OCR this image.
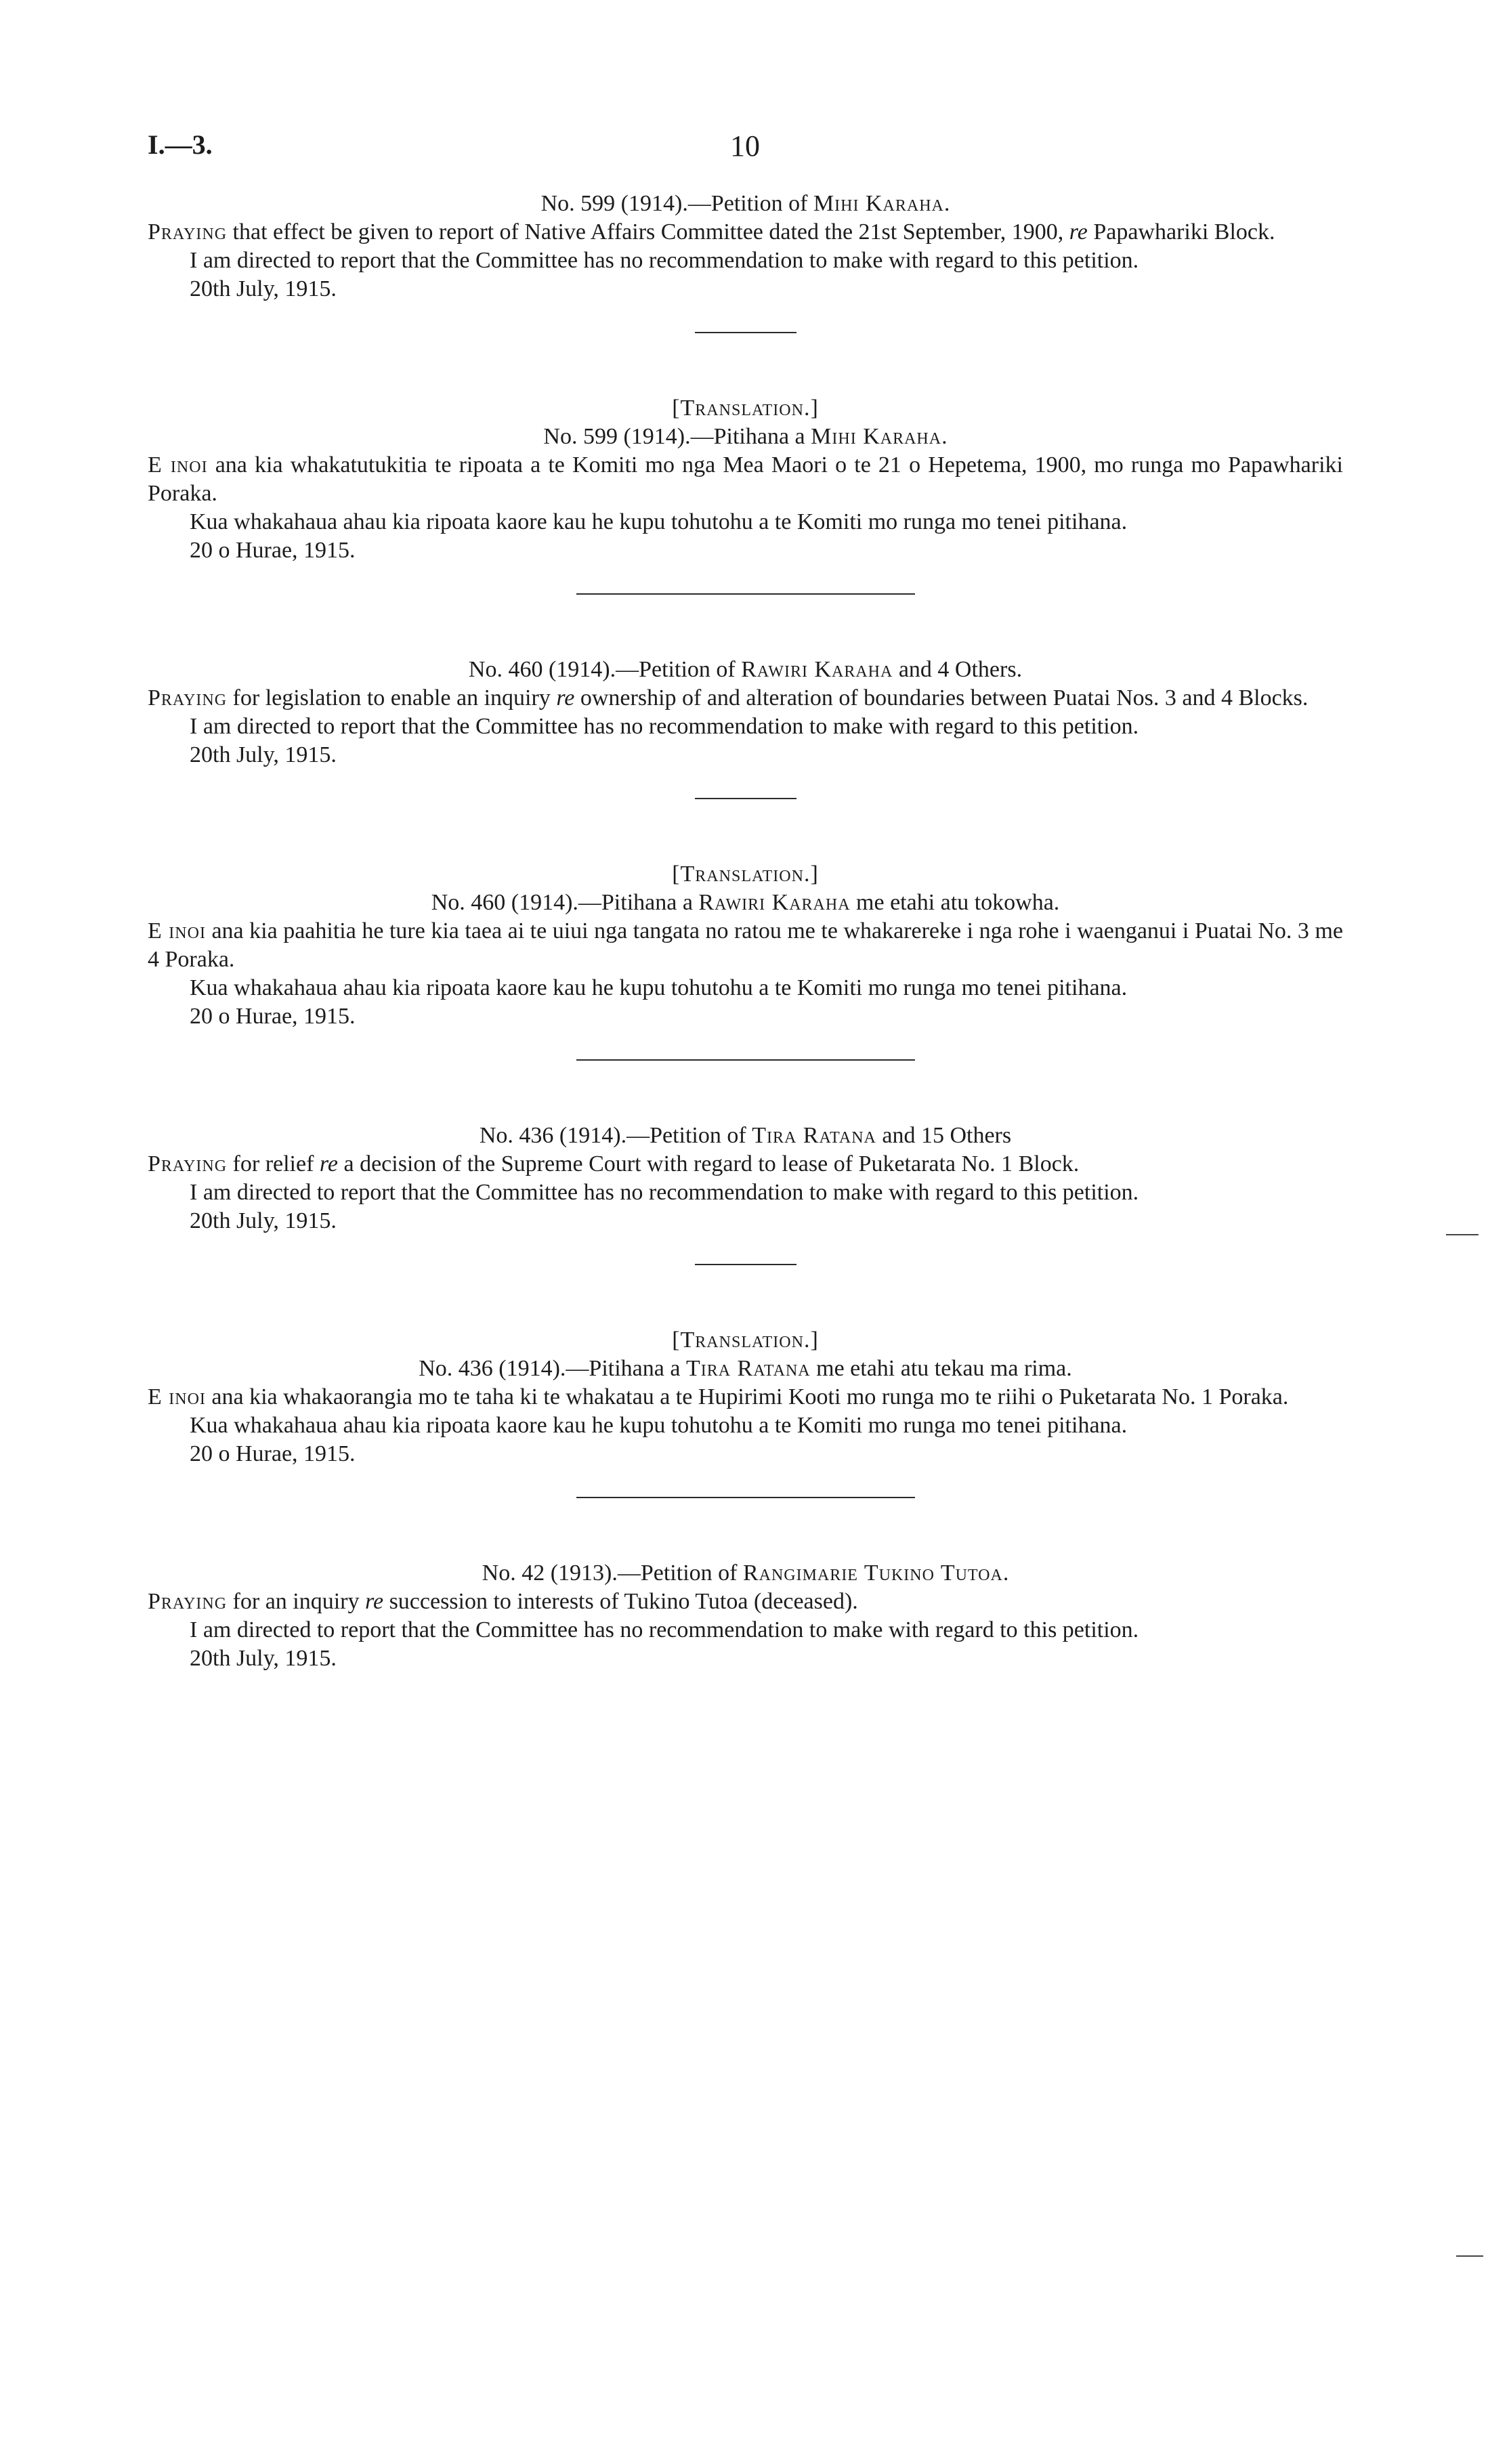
I.—3.	10

No. 599 (1914).—Petition of Mihi Karaha.

Praying that effect be given to report of Native Affairs Committee dated the 21st September, 1900, re Papawhariki Block.

I am directed to report that the Committee has no recommendation to make with regard to this petition.

20th July, 1915.

[Translation.]

No. 599 (1914).—Pitihana a Mihi Karaha.

E inoi ana kia whakatutukitia te ripoata a te Komiti mo nga Mea Maori o te 21 o Hepetema, 1900, mo runga mo Papawhariki Poraka.

Kua whakahaua ahau kia ripoata kaore kau he kupu tohutohu a te Komiti mo runga mo tenei pitihana.

20 o Hurae, 1915.

No. 460 (1914).—Petition of Rawiri Karaha and 4 Others.

Praying for legislation to enable an inquiry re ownership of and alteration of boundaries between Puatai Nos. 3 and 4 Blocks.

I am directed to report that the Committee has no recommendation to make with regard to this petition.

20th July, 1915.

[Translation.]

No. 460 (1914).—Pitihana a Rawiri Karaha me etahi atu tokowha.

E inoi ana kia paahitia he ture kia taea ai te uiui nga tangata no ratou me te whakarereke i nga rohe i waenganui i Puatai No. 3 me 4 Poraka.

Kua whakahaua ahau kia ripoata kaore kau he kupu tohutohu a te Komiti mo runga mo tenei pitihana.

20 o Hurae, 1915.

No. 436 (1914).—Petition of Tira Ratana and 15 Others

Praying for relief re a decision of the Supreme Court with regard to lease of Puketarata No. 1 Block.

I am directed to report that the Committee has no recommendation to make with regard to this petition.

20th July, 1915.

[Translation.]

No. 436 (1914).—Pitihana a Tira Ratana me etahi atu tekau ma rima.

E inoi ana kia whakaorangia mo te taha ki te whakatau a te Hupirimi Kooti mo runga mo te riihi o Puketarata No. 1 Poraka.

Kua whakahaua ahau kia ripoata kaore kau he kupu tohutohu a te Komiti mo runga mo tenei pitihana.

20 o Hurae, 1915.

No. 42 (1913).—Petition of Rangimarie Tukino Tutoa.

Praying for an inquiry re succession to interests of Tukino Tutoa (deceased).

I am directed to report that the Committee has no recommendation to make with regard to this petition.

20th July, 1915.
